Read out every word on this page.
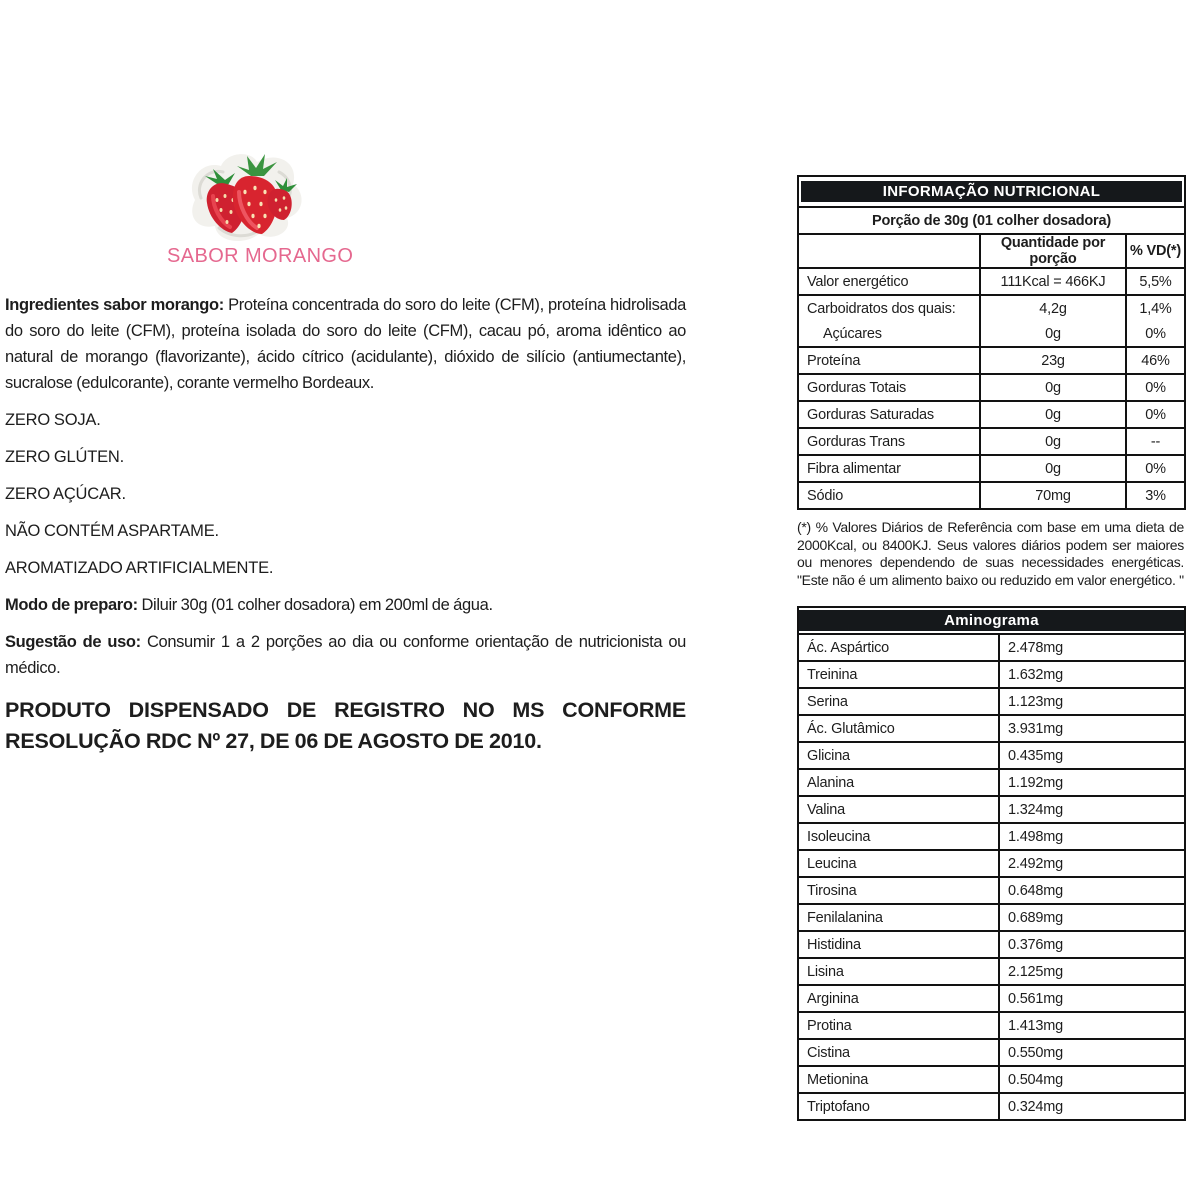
SABOR MORANGO

Ingredientes sabor morango: Proteína concentrada do soro do leite (CFM), proteína hidrolisada do soro do leite (CFM), proteína isolada do soro do leite (CFM), cacau pó, aroma idêntico ao natural de morango (flavorizante), ácido cítrico (acidulante), dióxido de silício (antiumectante), sucralose (edulcorante), corante vermelho Bordeaux.

ZERO SOJA.

ZERO GLÚTEN.

ZERO AÇÚCAR.

NÃO CONTÉM ASPARTAME.

AROMATIZADO ARTIFICIALMENTE.

Modo de preparo: Diluir 30g (01 colher dosadora) em 200ml de água.

Sugestão de uso: Consumir 1 a 2 porções ao dia ou conforme orientação de nutricionista ou médico.

PRODUTO DISPENSADO DE REGISTRO NO MS CONFORME RESOLUÇÃO RDC Nº 27, DE 06 DE AGOSTO DE 2010.

INFORMAÇÃO NUTRICIONAL		

Porção de 30g (01 colher dosadora)		
	Quantidade por porção	% VD(*)
Valor energético	111Kcal = 466KJ	5,5%
Carboidratos dos quais:	4,2g	1,4%
Açúcares	0g	0%
Proteína	23g	46%
Gorduras Totais	0g	0%
Gorduras Saturadas	0g	0%
Gorduras Trans	0g	--
Fibra alimentar	0g	0%
Sódio	70mg	3%

(*) % Valores Diários de Referência com base em uma dieta de 2000Kcal, ou 8400KJ. Seus valores diários podem ser maiores ou menores dependendo de suas necessidades energéticas. "Este não é um alimento baixo ou reduzido em valor energético. "

Aminograma	

Ác. Aspártico	2.478mg
Treinina	1.632mg
Serina	1.123mg
Ác. Glutâmico	3.931mg
Glicina	0.435mg
Alanina	1.192mg
Valina	1.324mg
Isoleucina	1.498mg
Leucina	2.492mg
Tirosina	0.648mg
Fenilalanina	0.689mg
Histidina	0.376mg
Lisina	2.125mg
Arginina	0.561mg
Protina	1.413mg
Cistina	0.550mg
Metionina	0.504mg
Triptofano	0.324mg
